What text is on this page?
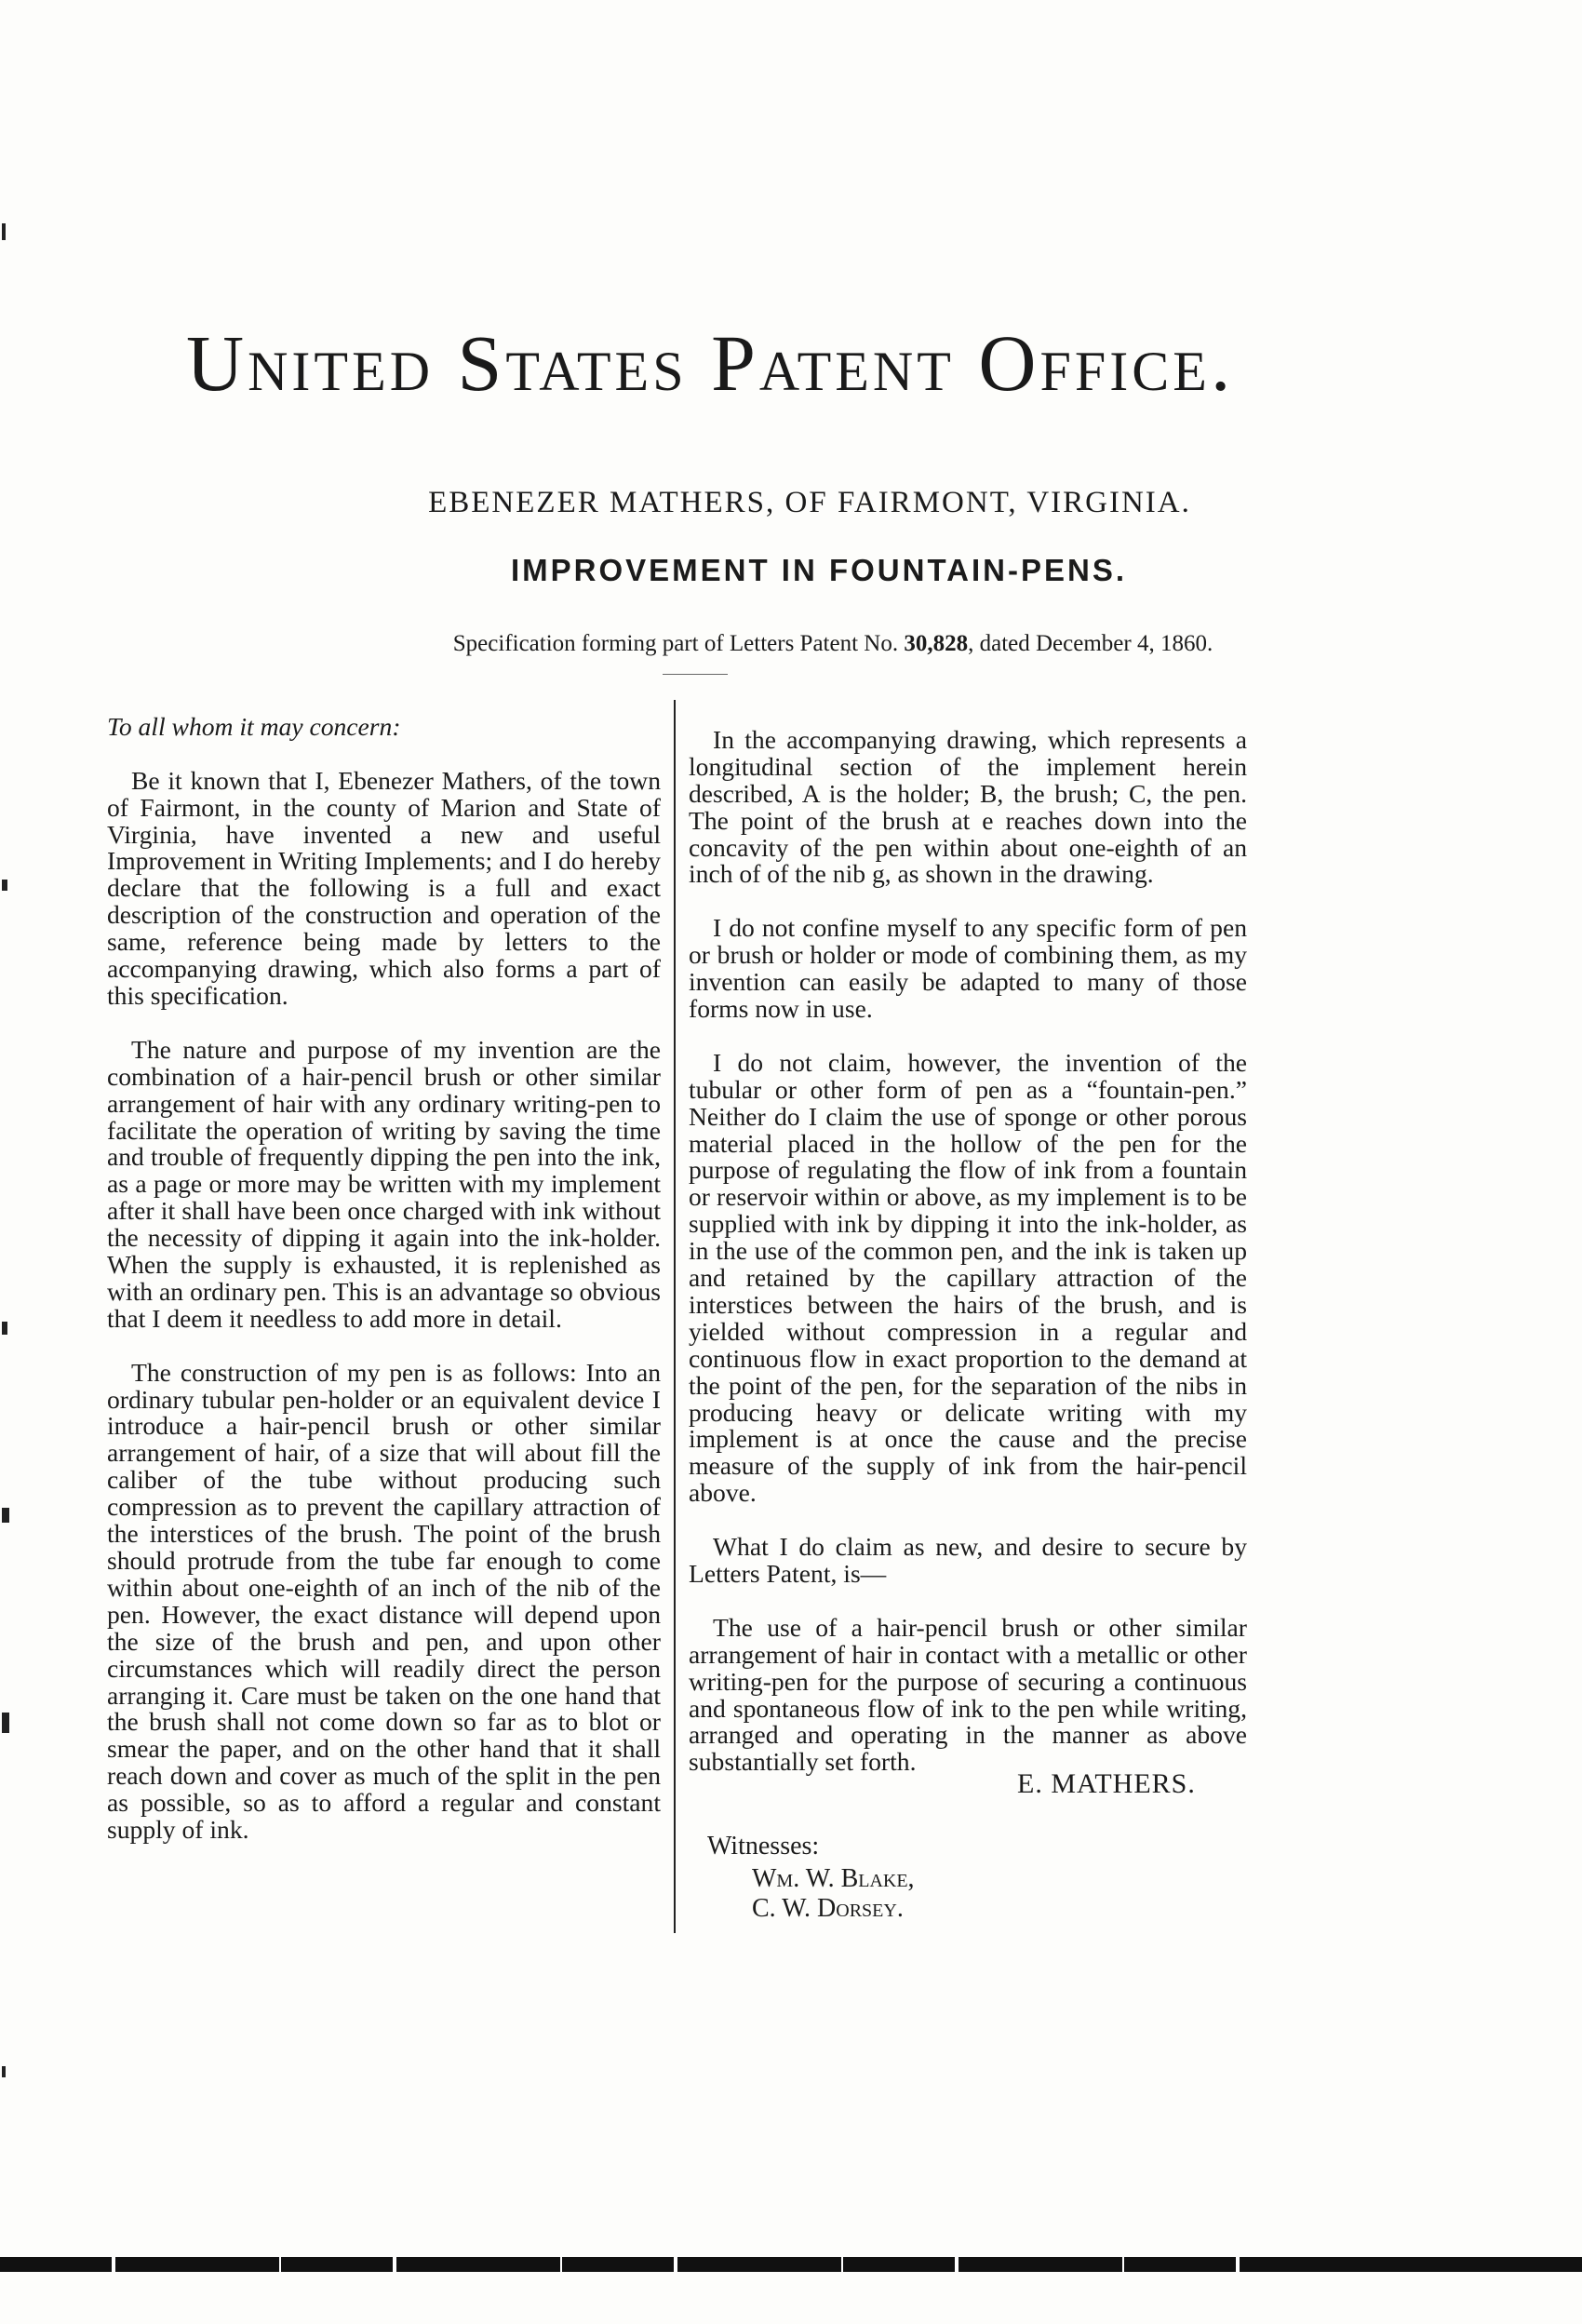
United States Patent Office.
EBENEZER MATHERS, OF FAIRMONT, VIRGINIA.
IMPROVEMENT IN FOUNTAIN-PENS.
Specification forming part of Letters Patent No. 30,828, dated December 4, 1860.

To all whom it may concern:

Be it known that I, Ebenezer Mathers, of the town of Fairmont, in the county of Marion and State of Virginia, have invented a new and useful Improvement in Writing Implements; and I do hereby declare that the following is a full and exact description of the construction and operation of the same, reference being made by letters to the accompanying drawing, which also forms a part of this specification.

The nature and purpose of my invention are the combination of a hair-pencil brush or other similar arrangement of hair with any ordinary writing-pen to facilitate the operation of writing by saving the time and trouble of frequently dipping the pen into the ink, as a page or more may be written with my implement after it shall have been once charged with ink without the necessity of dipping it again into the ink-holder. When the supply is exhausted, it is replenished as with an ordinary pen. This is an advantage so obvious that I deem it needless to add more in detail.

The construction of my pen is as follows: Into an ordinary tubular pen-holder or an equivalent device I introduce a hair-pencil brush or other similar arrangement of hair, of a size that will about fill the caliber of the tube without producing such compression as to prevent the capillary attraction of the interstices of the brush. The point of the brush should protrude from the tube far enough to come within about one-eighth of an inch of the nib of the pen. However, the exact distance will depend upon the size of the brush and pen, and upon other circumstances which will readily direct the person arranging it. Care must be taken on the one hand that the brush shall not come down so far as to blot or smear the paper, and on the other hand that it shall reach down and cover as much of the split in the pen as possible, so as to afford a regular and constant supply of ink.

In the accompanying drawing, which represents a longitudinal section of the implement herein described, A is the holder; B, the brush; C, the pen. The point of the brush at e reaches down into the concavity of the pen within about one-eighth of an inch of of the nib g, as shown in the drawing.

I do not confine myself to any specific form of pen or brush or holder or mode of combining them, as my invention can easily be adapted to many of those forms now in use.

I do not claim, however, the invention of the tubular or other form of pen as a “fountain-pen.” Neither do I claim the use of sponge or other porous material placed in the hollow of the pen for the purpose of regulating the flow of ink from a fountain or reservoir within or above, as my implement is to be supplied with ink by dipping it into the ink-holder, as in the use of the common pen, and the ink is taken up and retained by the capillary attraction of the interstices between the hairs of the brush, and is yielded without compression in a regular and continuous flow in exact proportion to the demand at the point of the pen, for the separation of the nibs in producing heavy or delicate writing with my implement is at once the cause and the precise measure of the supply of ink from the hair-pencil above.

What I do claim as new, and desire to secure by Letters Patent, is—

The use of a hair-pencil brush or other similar arrangement of hair in contact with a metallic or other writing-pen for the purpose of securing a continuous and spontaneous flow of ink to the pen while writing, arranged and operating in the manner as above substantially set forth.

E. MATHERS.
Witnesses:
Wm. W. Blake,
C. W. Dorsey.
